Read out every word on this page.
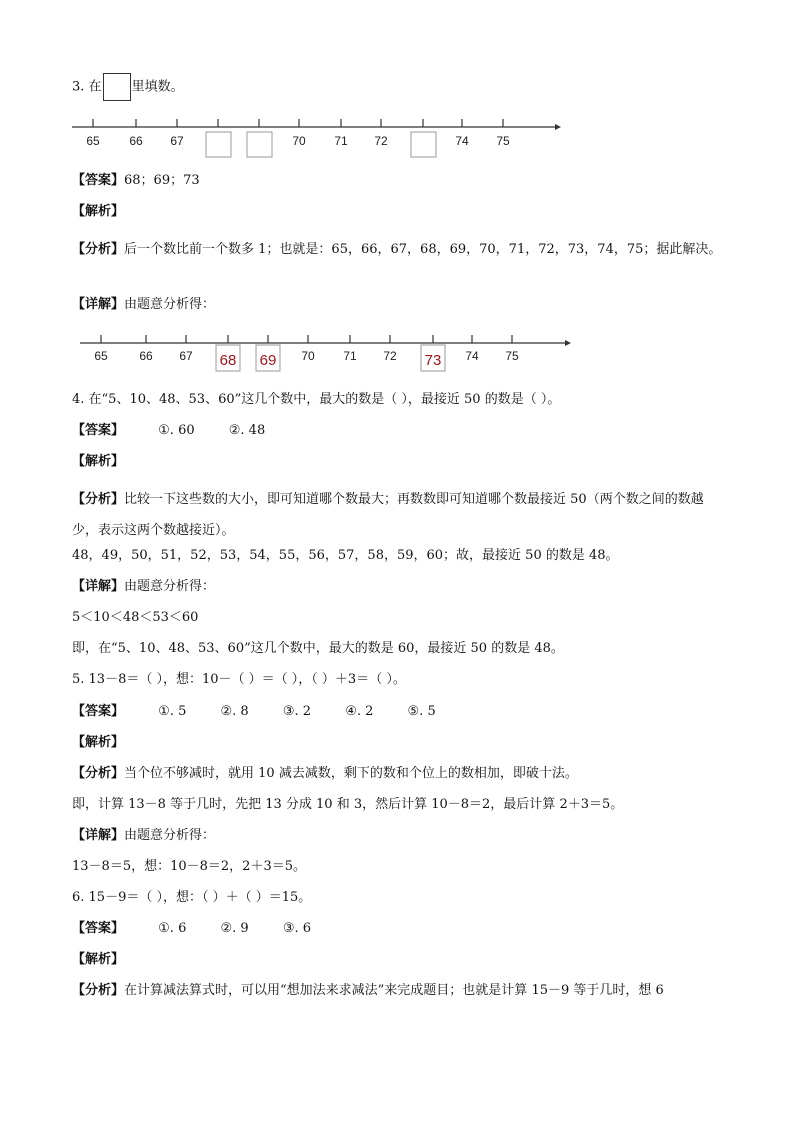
3. 在 里填数。
65 66 67	70 71 72	74 75
【答案】68；69；73
【解析】
【分析】后一个数比前一个数多 1；也就是：65，66，67，68，69，70，71，72，73，74，75；据此解决。
【详解】由题意分析得：
65	66 67	70 71 72	74 75
68 69	73
4. 在“5、10、48、53、60”这几个数中，最大的数是（ ），最接近 50 的数是（ ）。
【答案】	①. 60	②. 48
【解析】
【分析】比较一下这些数的大小，即可知道哪个数最大；再数数即可知道哪个数最接近 50（两个数之间的数越少，表示这两个数越接近）。
48，49，50，51，52，53，54，55，56，57，58，59，60；故，最接近 50 的数是 48。
【详解】由题意分析得：
5＜10＜48＜53＜60
即，在“5、10、48、53、60”这几个数中，最大的数是 60，最接近 50 的数是 48。
5. 13－8＝（ ），想：10－（ ）＝（ ），（ ）＋3＝（ ）。
【答案】	①. 5	②. 8	③. 2	④. 2	⑤. 5
【解析】
【分析】当个位不够减时，就用 10 减去减数，剩下的数和个位上的数相加，即破十法。
即，计算 13－8 等于几时，先把 13 分成 10 和 3，然后计算 10－8＝2，最后计算 2＋3＝5。
【详解】由题意分析得：
13－8＝5，想：10－8＝2，2＋3＝5。
6. 15－9＝（ ），想：（ ）＋（ ）＝15。
【答案】	①. 6	②. 9	③. 6
【解析】
【分析】在计算减法算式时，可以用“想加法来求减法”来完成题目；也就是计算 15－9 等于几时，想 6
